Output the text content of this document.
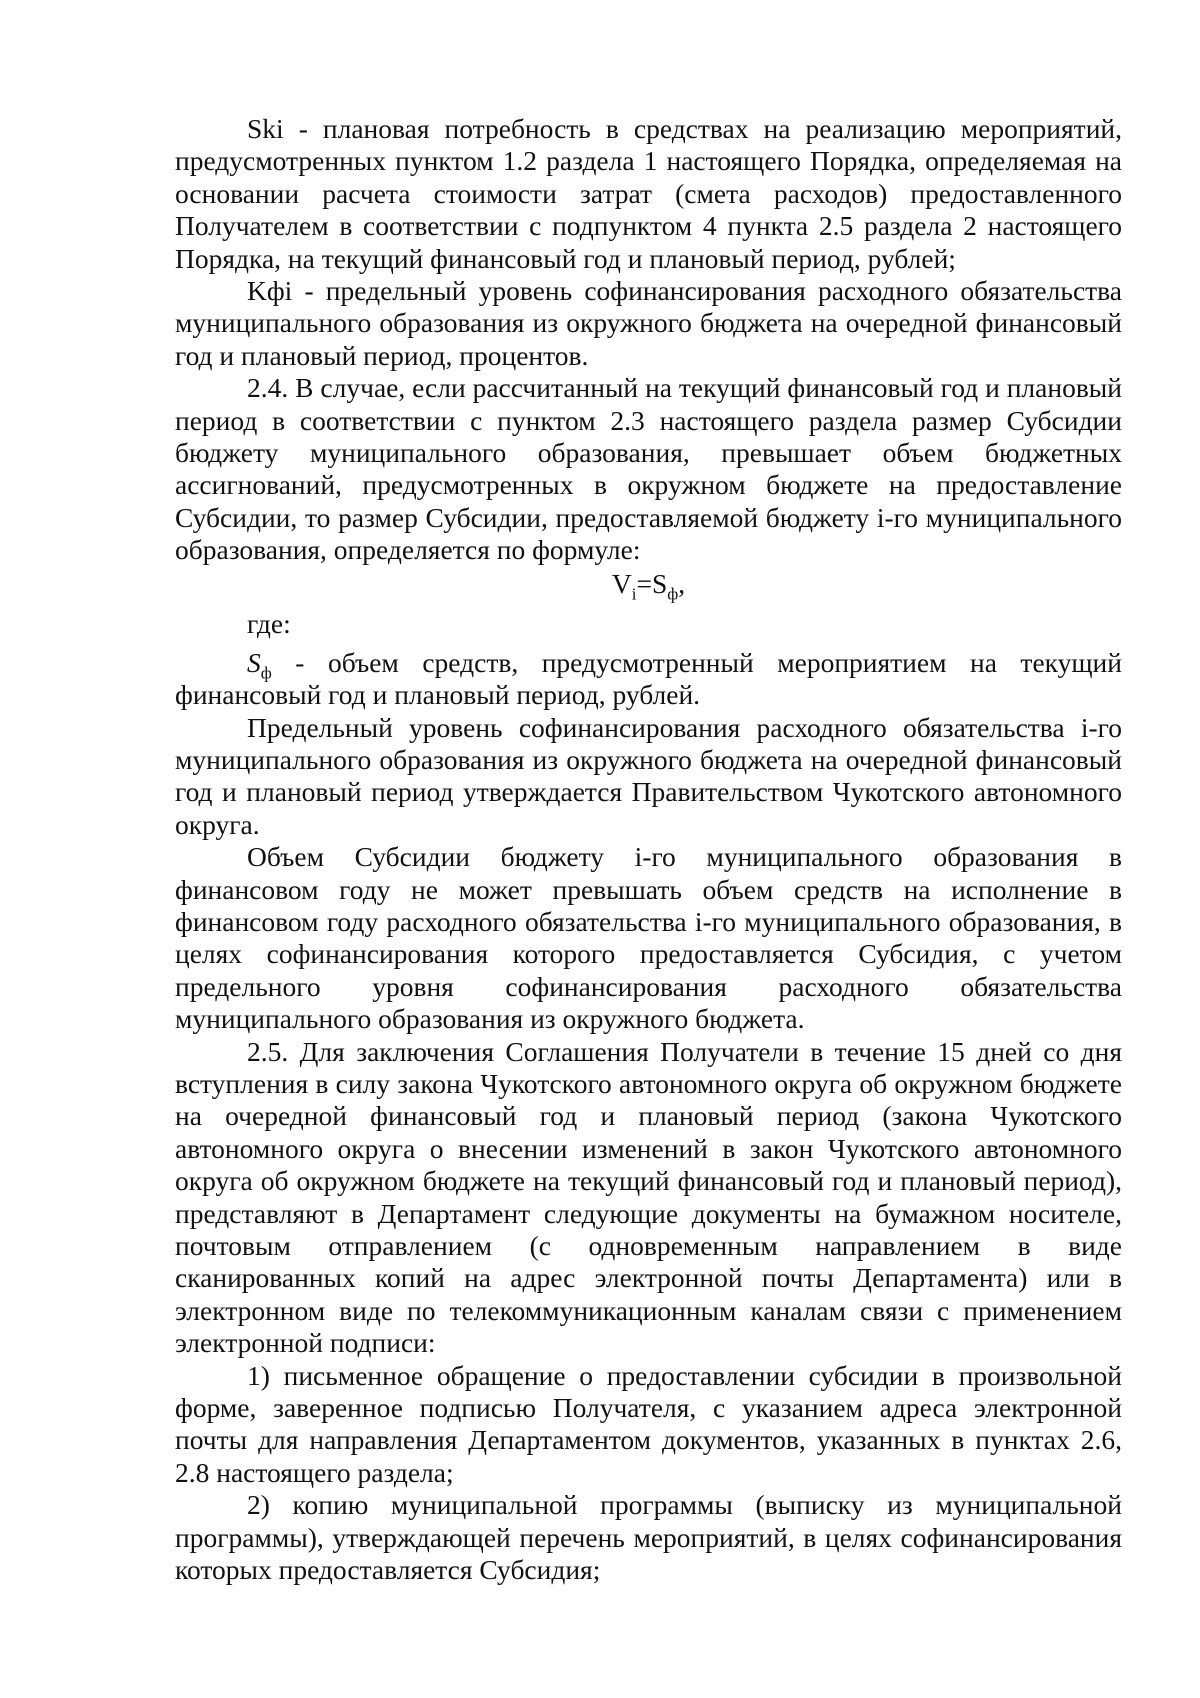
Ski - плановая потребность в средствах на реализацию мероприятий, предусмотренных пунктом 1.2 раздела 1 настоящего Порядка, определяемая на основании расчета стоимости затрат (смета расходов) предоставленного Получателем в соответствии с подпунктом 4 пункта 2.5 раздела 2 настоящего Порядка, на текущий финансовый год и плановый период, рублей;

Kфi - предельный уровень софинансирования расходного обязательства муниципального образования из окружного бюджета на очередной финансовый год и плановый период, процентов.

2.4. В случае, если рассчитанный на текущий финансовый год и плановый период в соответствии с пунктом 2.3 настоящего раздела размер Субсидии бюджету муниципального образования, превышает объем бюджетных ассигнований, предусмотренных в окружном бюджете на предоставление Субсидии, то размер Субсидии, предоставляемой бюджету i-го муниципального образования, определяется по формуле:

$V_i=S_ф$,

где:

$S_ф$ - объем средств, предусмотренный мероприятием на текущий финансовый год и плановый период, рублей.

Предельный уровень софинансирования расходного обязательства i-го муниципального образования из окружного бюджета на очередной финансовый год и плановый период утверждается Правительством Чукотского автономного округа.

Объем Субсидии бюджету i-го муниципального образования в финансовом году не может превышать объем средств на исполнение в финансовом году расходного обязательства i-го муниципального образования, в целях софинансирования которого предоставляется Субсидия, с учетом предельного уровня софинансирования расходного обязательства муниципального образования из окружного бюджета.

2.5. Для заключения Соглашения Получатели в течение 15 дней со дня вступления в силу закона Чукотского автономного округа об окружном бюджете на очередной финансовый год и плановый период (закона Чукотского автономного округа о внесении изменений в закон Чукотского автономного округа об окружном бюджете на текущий финансовый год и плановый период), представляют в Департамент следующие документы на бумажном носителе, почтовым отправлением (с одновременным направлением в виде сканированных копий на адрес электронной почты Департамента) или в электронном виде по телекоммуникационным каналам связи с применением электронной подписи:

1) письменное обращение о предоставлении субсидии в произвольной форме, заверенное подписью Получателя, с указанием адреса электронной почты для направления Департаментом документов, указанных в пунктах 2.6, 2.8 настоящего раздела;

2) копию муниципальной программы (выписку из муниципальной программы), утверждающей перечень мероприятий, в целях софинансирования которых предоставляется Субсидия;
